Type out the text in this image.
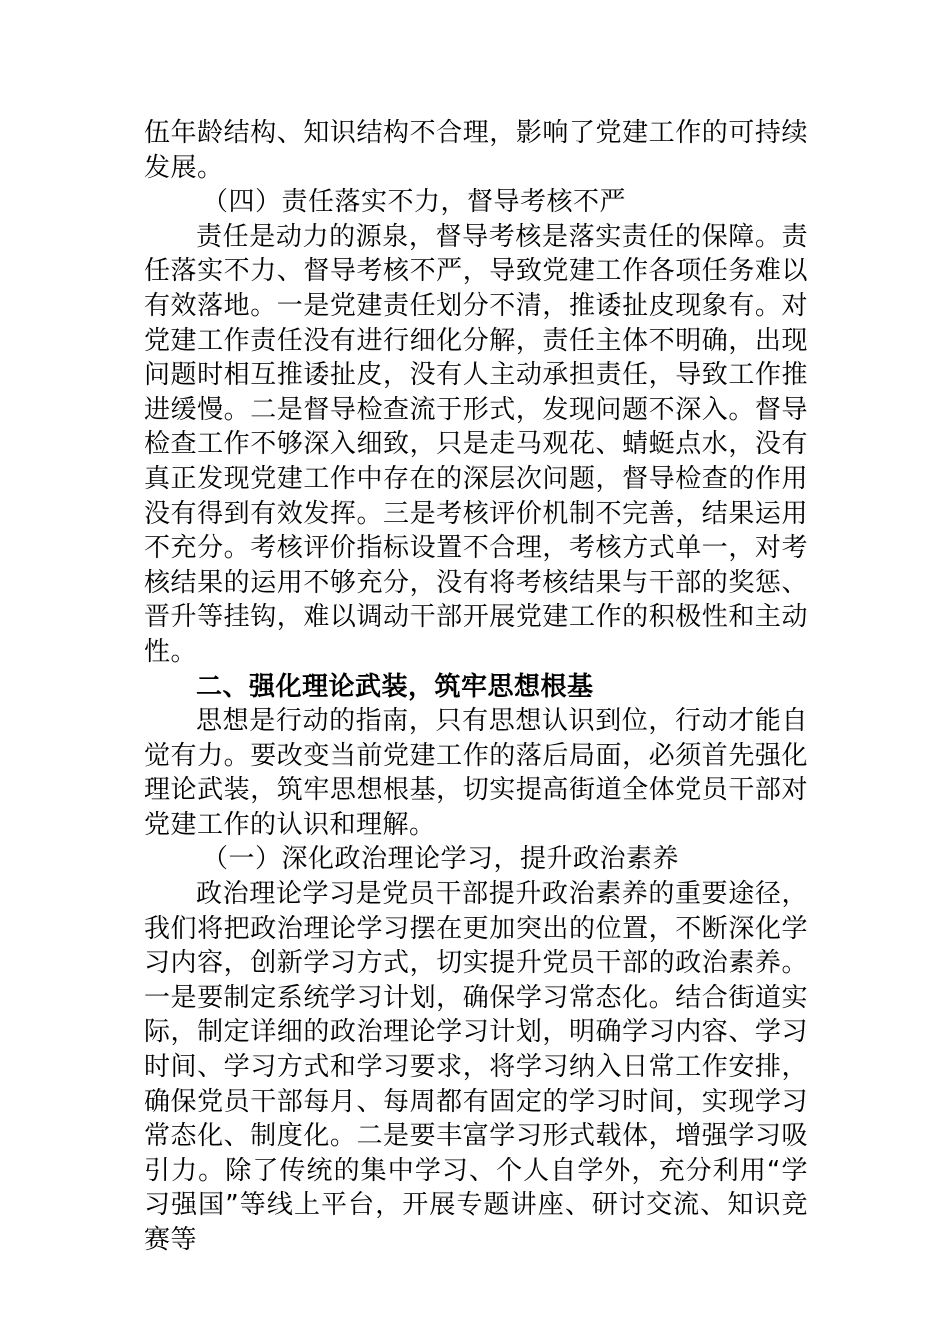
伍年龄结构、知识结构不合理，影响了党建工作的可持续发展。

（四）责任落实不力，督导考核不严

责任是动力的源泉，督导考核是落实责任的保障。责任落实不力、督导考核不严，导致党建工作各项任务难以有效落地。一是党建责任划分不清，推诿扯皮现象有。对党建工作责任没有进行细化分解，责任主体不明确，出现问题时相互推诿扯皮，没有人主动承担责任，导致工作推进缓慢。二是督导检查流于形式，发现问题不深入。督导检查工作不够深入细致，只是走马观花、蜻蜓点水，没有真正发现党建工作中存在的深层次问题，督导检查的作用没有得到有效发挥。三是考核评价机制不完善，结果运用不充分。考核评价指标设置不合理，考核方式单一，对考核结果的运用不够充分，没有将考核结果与干部的奖惩、晋升等挂钩，难以调动干部开展党建工作的积极性和主动性。

二、强化理论武装，筑牢思想根基

思想是行动的指南，只有思想认识到位，行动才能自觉有力。要改变当前党建工作的落后局面，必须首先强化理论武装，筑牢思想根基，切实提高街道全体党员干部对党建工作的认识和理解。

（一）深化政治理论学习，提升政治素养

政治理论学习是党员干部提升政治素养的重要途径，我们将把政治理论学习摆在更加突出的位置，不断深化学习内容，创新学习方式，切实提升党员干部的政治素养。一是要制定系统学习计划，确保学习常态化。结合街道实际，制定详细的政治理论学习计划，明确学习内容、学习时间、学习方式和学习要求，将学习纳入日常工作安排，确保党员干部每月、每周都有固定的学习时间，实现学习常态化、制度化。二是要丰富学习形式载体，增强学习吸引力。除了传统的集中学习、个人自学外，充分利用“学习强国”等线上平台，开展专题讲座、研讨交流、知识竞赛等
